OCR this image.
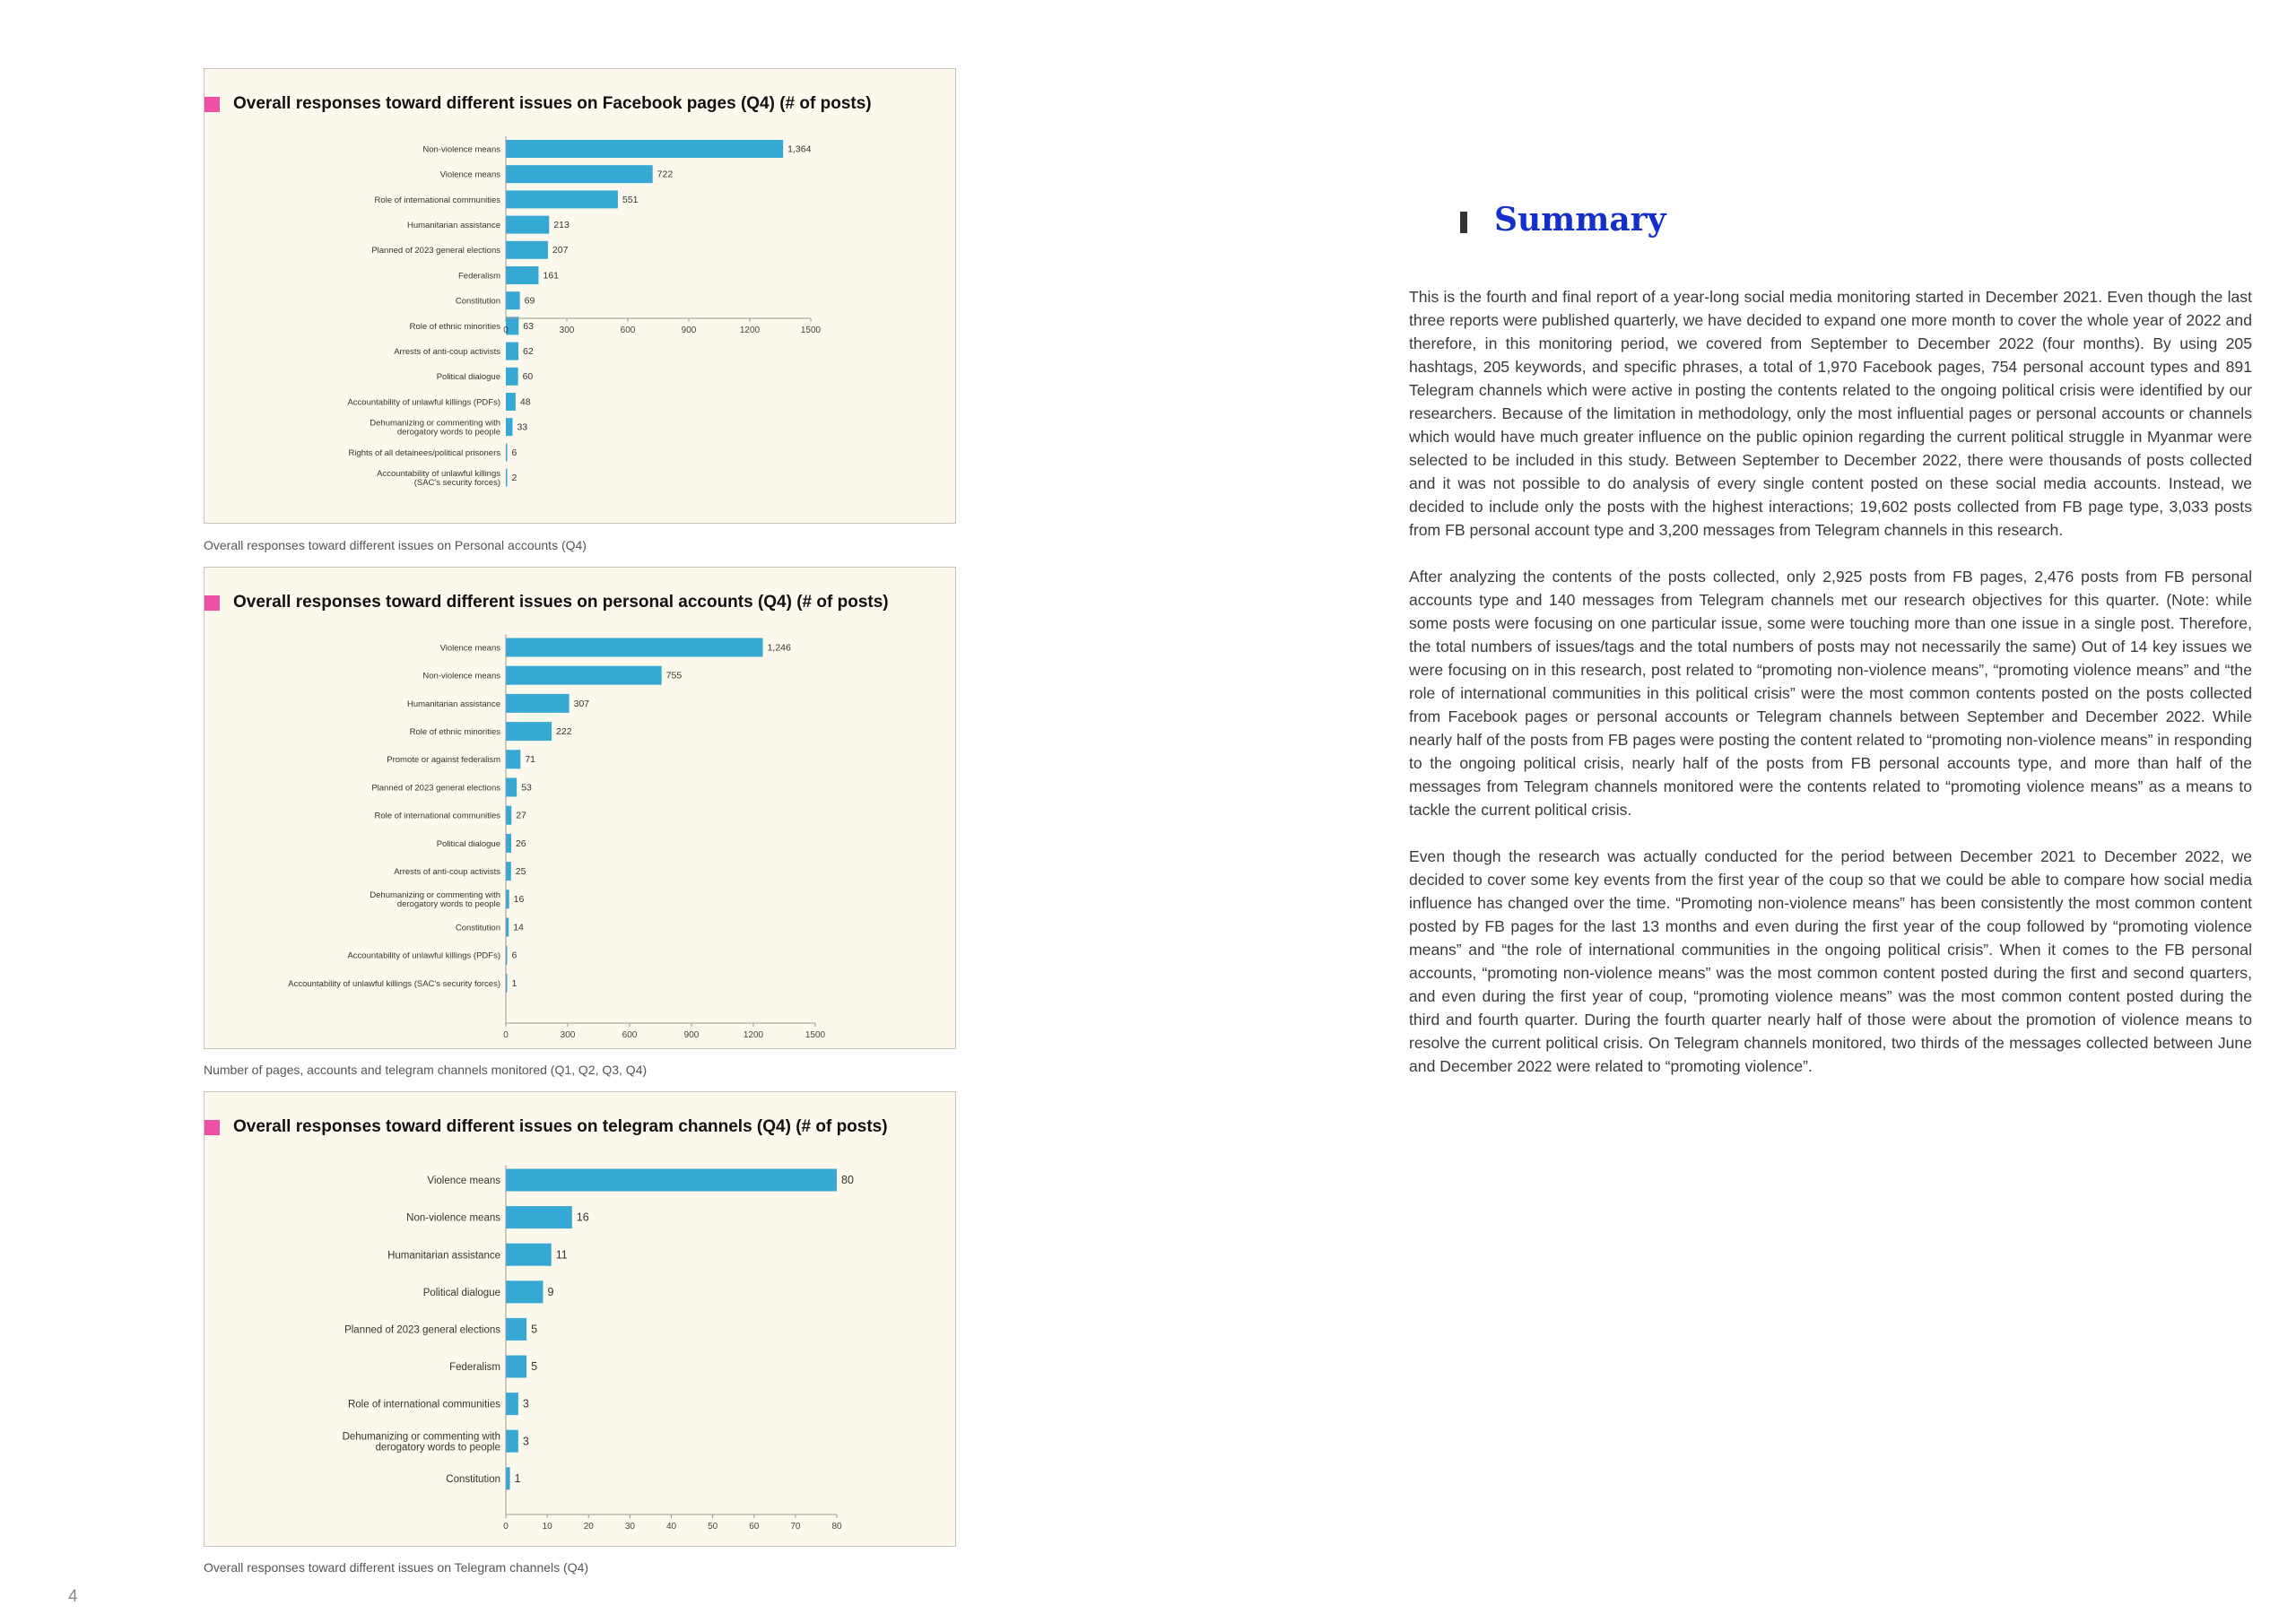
Overall responses toward different issues on Facebook pages (Q4) (# of posts)
1,364
Non-violence means
722
Violence means
551
Role of international communities
213
Humanitarian assistance
207
Planned of 2023 general elections
161
Federalism
69
Constitution
63
Role of ethnic minorities
62
Arrests of anti-coup activists
60
Political dialogue
48
Accountability of unlawful killings (PDFs)
33
Dehumanizing or commenting with
derogatory words to people
6
Rights of all detainees/political prisoners
2
Accountability of unlawful killings
(SAC's security forces)
0	300	600	900	1200	1500
Overall responses toward different issues on Personal accounts (Q4)
Overall responses toward different issues on personal accounts (Q4) (# of posts)
1,246
Violence means
755
Non-violence means
307
Humanitarian assistance
222
Role of ethnic minorities
71
Promote or against federalism
53
Planned of 2023 general elections
27
Role of international communities
26
Political dialogue
25
Arrests of anti-coup activists
16
Dehumanizing or commenting with
derogatory words to people
14
Constitution
6
Accountability of unlawful killings (PDFs)
1
Accountability of unlawful killings (SAC's security forces)
0	300	600	900	1200	1500
Number of pages, accounts and telegram channels monitored (Q1, Q2, Q3, Q4)
Overall responses toward different issues on telegram channels (Q4) (# of posts)
80
Violence means
16
Non-violence means
11
Humanitarian assistance
9
Political dialogue
5
Planned of 2023 general elections
5
Federalism
3
Role of international communities
3
Dehumanizing or commenting with
derogatory words to people
1
Constitution
0	10	20	30	40	50	60	70	80
Overall responses toward different issues on Telegram channels (Q4)
4
Summary

This is the fourth and final report of a year-long social media monitoring started in December 2021. Even though the last three reports were published quarterly, we have decided to expand one more month to cover the whole year of 2022 and therefore, in this monitoring period, we covered from September to December 2022 (four months). By using 205 hashtags, 205 keywords, and specific phrases, a total of 1,970 Facebook pages, 754 personal account types and 891 Telegram channels which were active in posting the contents related to the ongoing political crisis were identified by our researchers. Because of the limitation in methodology, only the most influential pages or personal accounts or channels which would have much greater influence on the public opinion regarding the current political struggle in Myanmar were selected to be included in this study. Between September to December 2022, there were thousands of posts collected and it was not possible to do analysis of every single content posted on these social media accounts. Instead, we decided to include only the posts with the highest interactions; 19,602 posts collected from FB page type, 3,033 posts from FB personal account type and 3,200 messages from Telegram channels in this research.

After analyzing the contents of the posts collected, only 2,925 posts from FB pages, 2,476 posts from FB personal accounts type and 140 messages from Telegram channels met our research objectives for this quarter. (Note: while some posts were focusing on one particular issue, some were touching more than one issue in a single post. Therefore, the total numbers of issues/tags and the total numbers of posts may not necessarily the same) Out of 14 key issues we were focusing on in this research, post related to “promoting non-violence means”, “promoting violence means” and “the role of international communities in this political crisis” were the most common contents posted on the posts collected from Facebook pages or personal accounts or Telegram channels between September and December 2022. While nearly half of the posts from FB pages were posting the content related to “promoting non-violence means” in responding to the ongoing political crisis, nearly half of the posts from FB personal accounts type, and more than half of the messages from Telegram channels monitored were the contents related to “promoting violence means” as a means to tackle the current political crisis.

Even though the research was actually conducted for the period between December 2021 to December 2022, we decided to cover some key events from the first year of the coup so that we could be able to compare how social media influence has changed over the time. “Promoting non-violence means” has been consistently the most common content posted by FB pages for the last 13 months and even during the first year of the coup followed by “promoting violence means” and “the role of international communities in the ongoing political crisis”. When it comes to the FB personal accounts, “promoting non-violence means” was the most common content posted during the first and second quarters, and even during the first year of coup, “promoting violence means” was the most common content posted during the third and fourth quarter. During the fourth quarter nearly half of those were about the promotion of violence means to resolve the current political crisis. On Telegram channels monitored, two thirds of the messages collected between June and December 2022 were related to “promoting violence”.
